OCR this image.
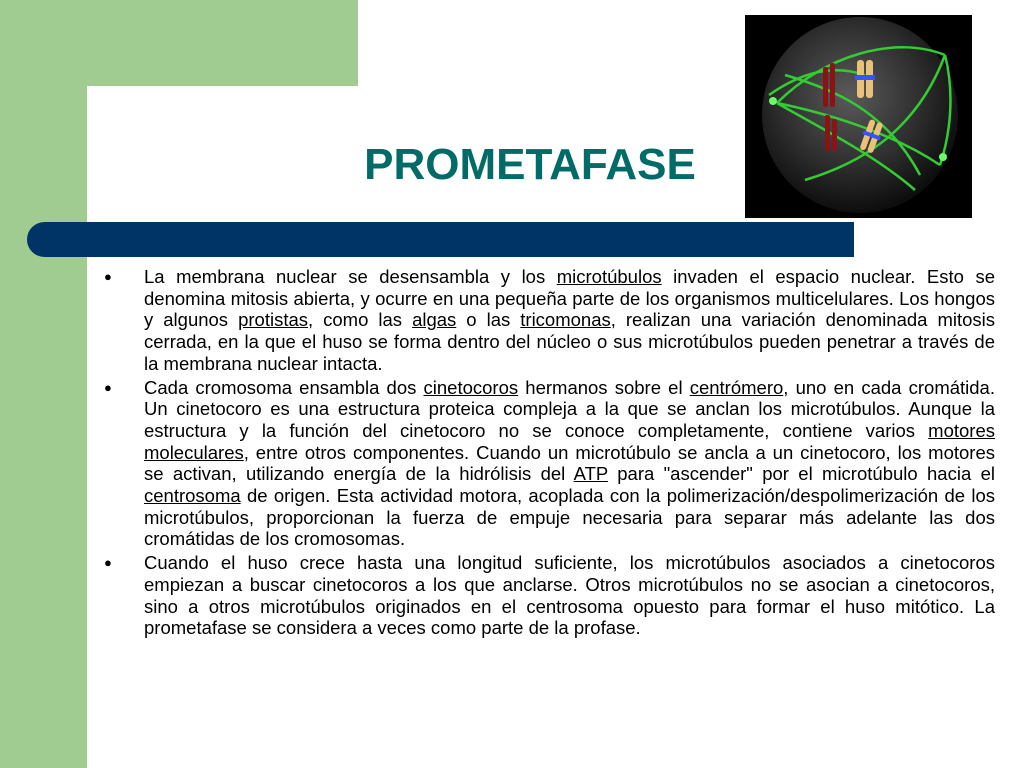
PROMETAFASE
● La membrana nuclear se desensambla y los microtúbulos invaden el espacio nuclear. Esto se denomina mitosis abierta, y ocurre en una pequeña parte de los organismos multicelulares. Los hongos y algunos protistas, como las algas o las tricomonas, realizan una variación denominada mitosis cerrada, en la que el huso se forma dentro del núcleo o sus microtúbulos pueden penetrar a través de la membrana nuclear intacta.
● Cada cromosoma ensambla dos cinetocoros hermanos sobre el centrómero, uno en cada cromátida. Un cinetocoro es una estructura proteica compleja a la que se anclan los microtúbulos. Aunque la estructura y la función del cinetocoro no se conoce completamente, contiene varios motores moleculares, entre otros componentes. Cuando un microtúbulo se ancla a un cinetocoro, los motores se activan, utilizando energía de la hidrólisis del ATP para "ascender" por el microtúbulo hacia el centrosoma de origen. Esta actividad motora, acoplada con la polimerización/despolimerización de los microtúbulos, proporcionan la fuerza de empuje necesaria para separar más adelante las dos cromátidas de los cromosomas.
● Cuando el huso crece hasta una longitud suficiente, los microtúbulos asociados a cinetocoros empiezan a buscar cinetocoros a los que anclarse. Otros microtúbulos no se asocian a cinetocoros, sino a otros microtúbulos originados en el centrosoma opuesto para formar el huso mitótico. La prometafase se considera a veces como parte de la profase.
